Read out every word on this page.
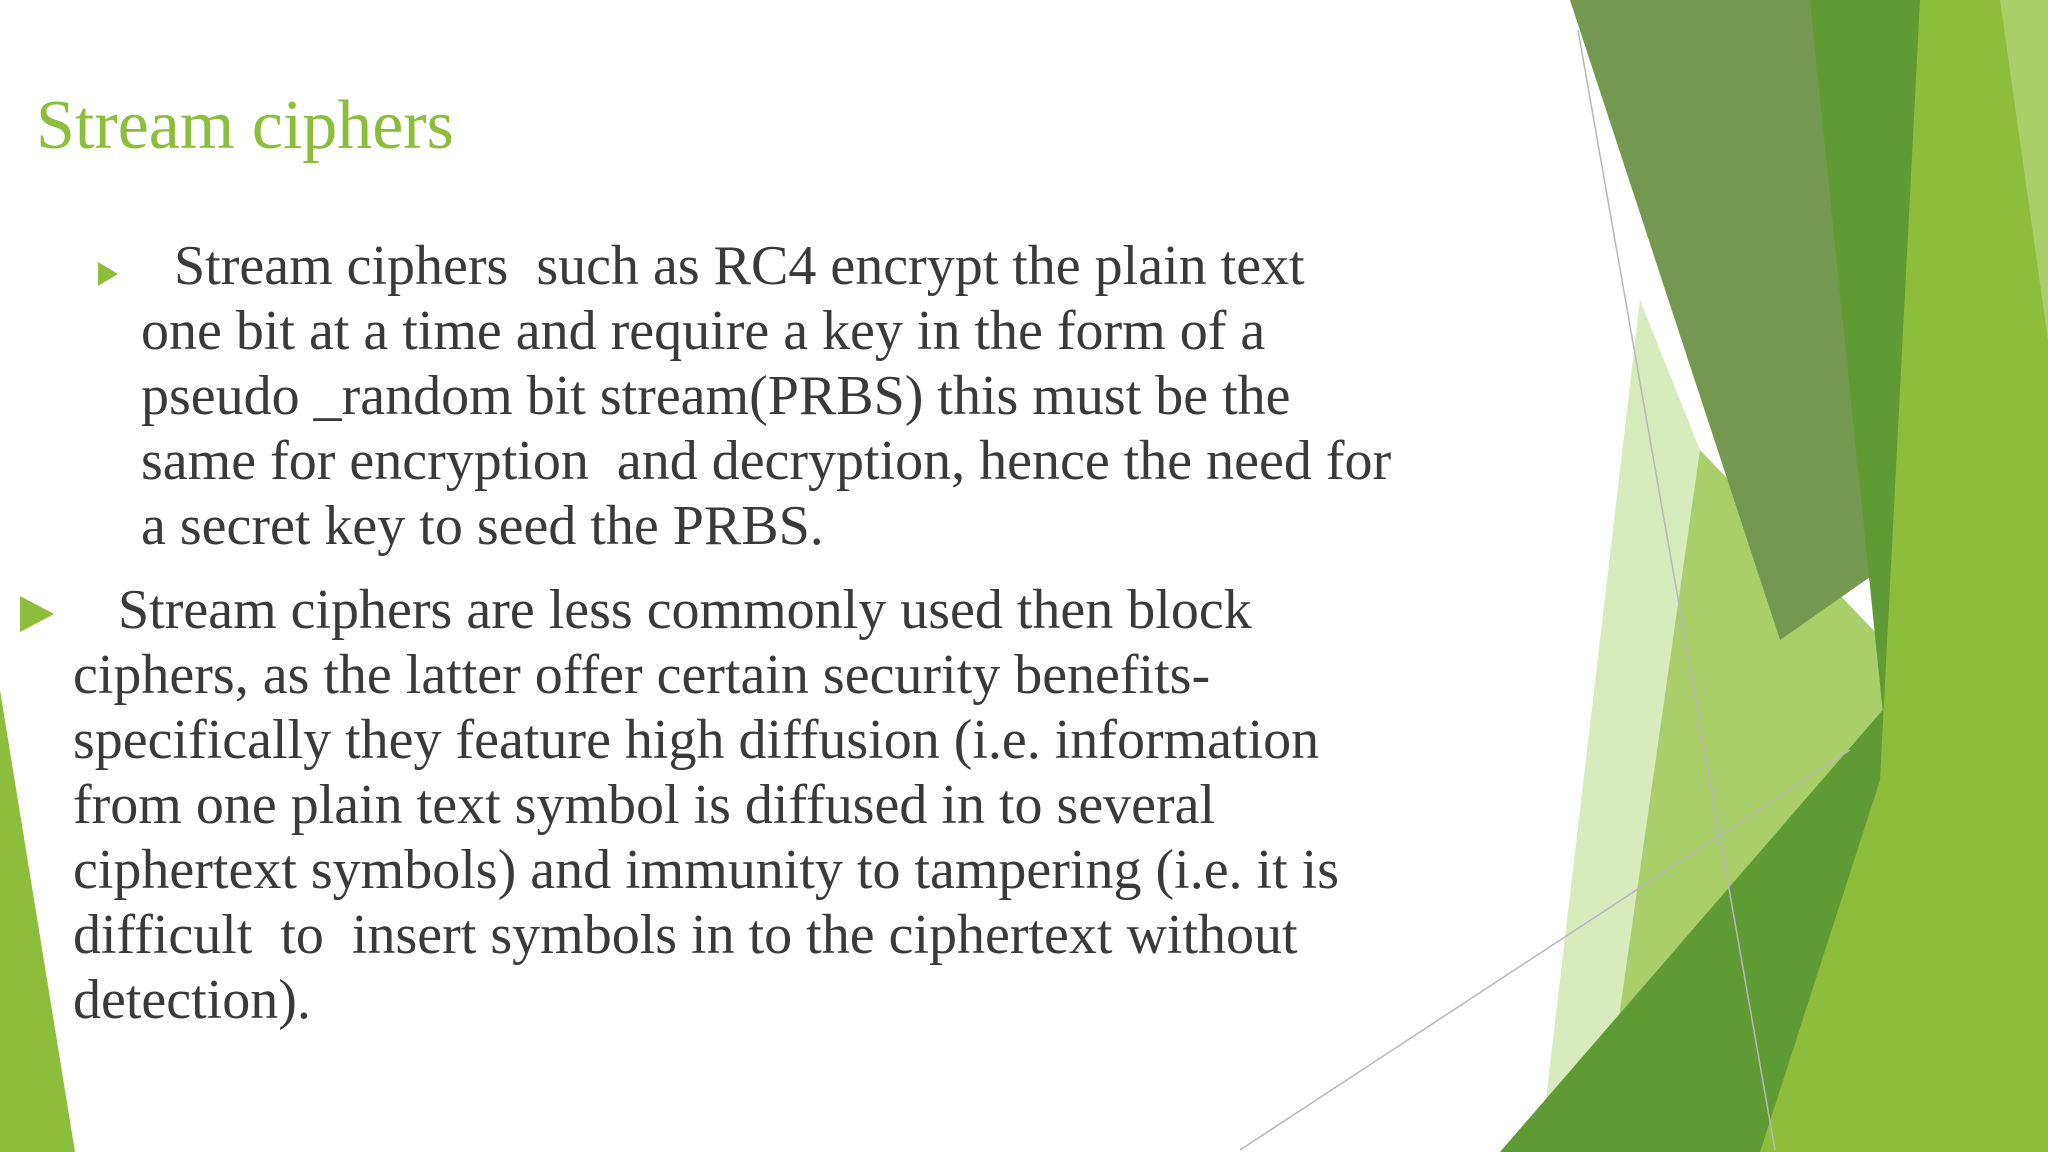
Stream ciphers
Stream ciphers  such as RC4 encrypt the plain text
one bit at a time and require a key in the form of a
pseudo _random bit stream(PRBS) this must be the
same for encryption  and decryption, hence the need for
a secret key to seed the PRBS.
Stream ciphers are less commonly used then block
ciphers, as the latter offer certain security benefits-
specifically they feature high diffusion (i.e. information
from one plain text symbol is diffused in to several
ciphertext symbols) and immunity to tampering (i.e. it is
difficult  to  insert symbols in to the ciphertext without
detection).
